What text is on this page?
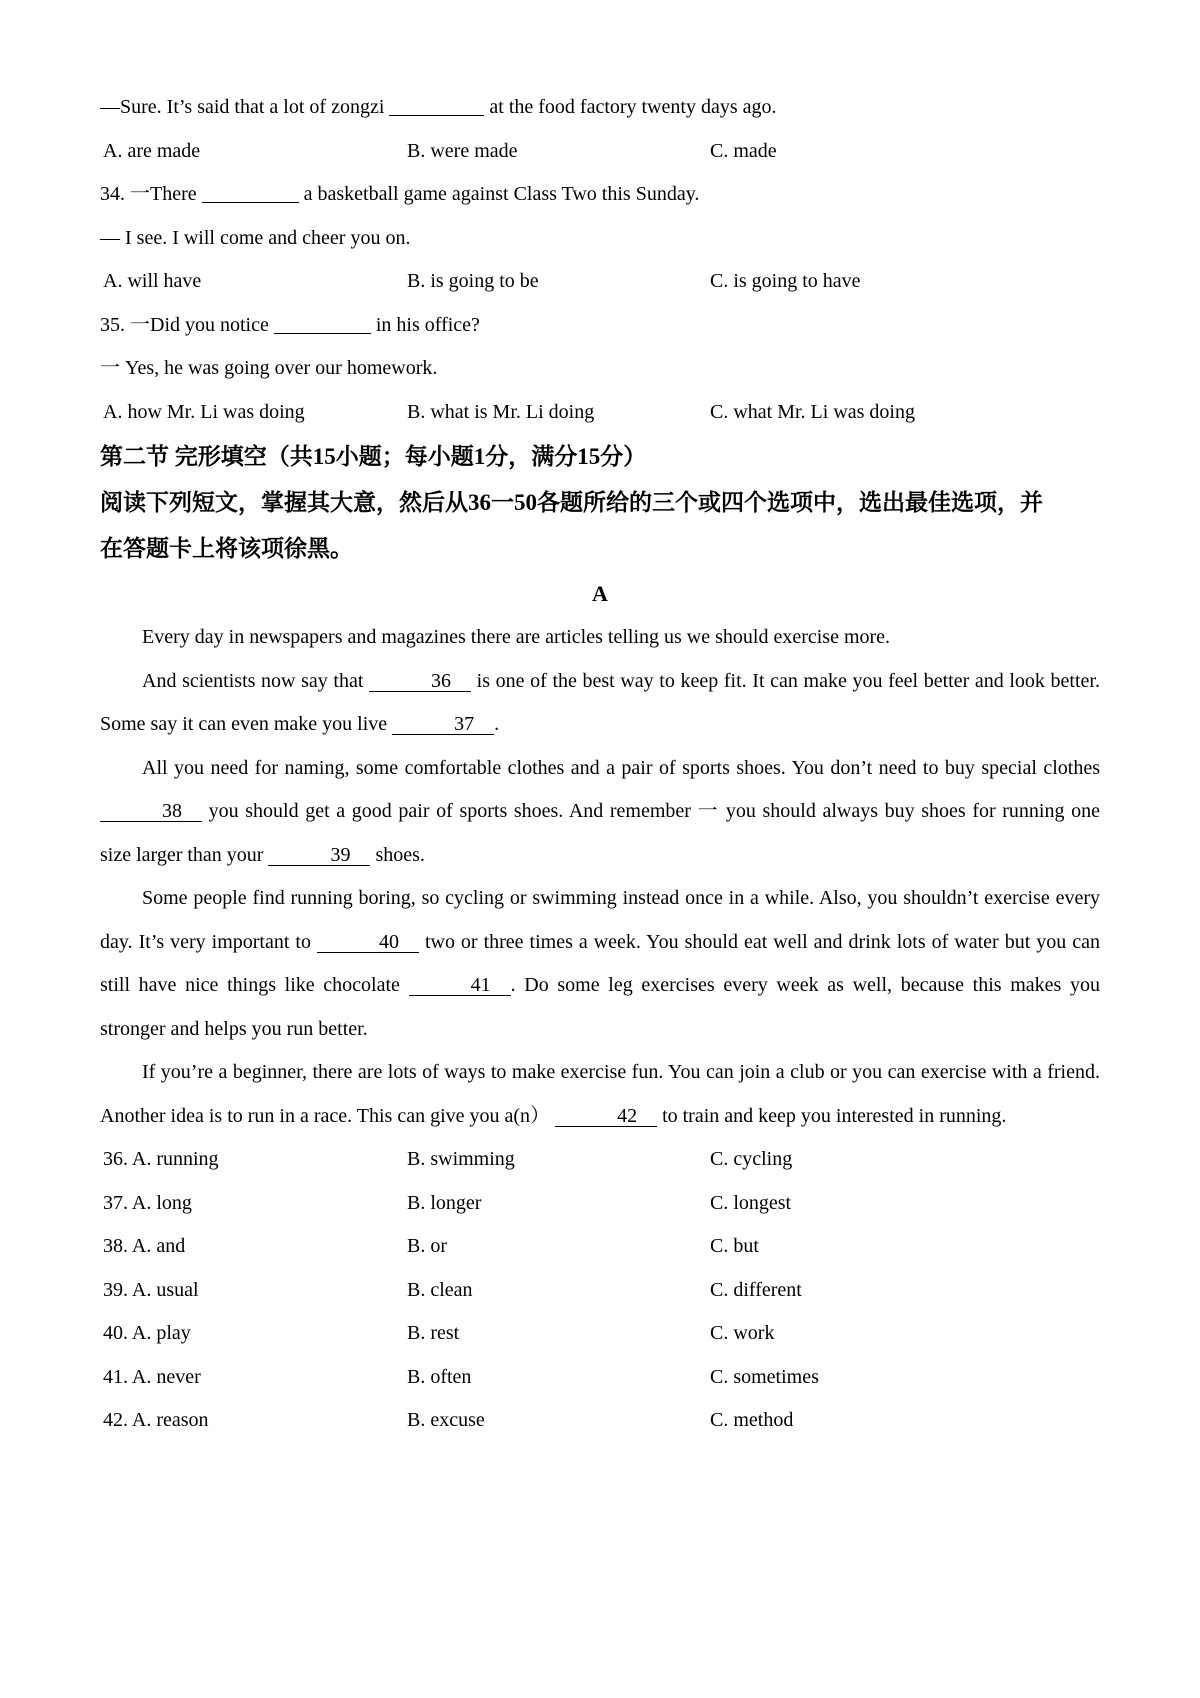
—Sure. It’s said that a lot of zongzi	at the food factory twenty days ago.
A. are made	B. were made	C. made
34. 一There	a basketball game against Class Two this Sunday.
— I see. I will come and cheer you on.
A. will have	B. is going to be	C. is going to have
35. 一Did you notice	in his office?
一 Yes, he was going over our homework.
A. how Mr. Li was doing	B. what is Mr. Li doing	C. what Mr. Li was doing
第二节 完形填空（共15小题；每小题1分，满分15分）
阅读下列短文，掌握其大意，然后从36一50各题所给的三个或四个选项中，选出最佳选项，并
在答题卡上将该项徐黑。
A
Every day in newspapers and magazines there are articles telling us we should exercise more.
And scientists now say that	36 is one of the best way to keep fit. It can make you feel better and look better. Some say it can even make you live	37 .
All you need for naming, some comfortable clothes and a pair of sports shoes. You don’t need to buy special clothes 38 you should get a good pair of sports shoes. And remember 一 you should always buy shoes for running one size larger than your	39 shoes.
Some people find running boring, so cycling or swimming instead once in a while. Also, you shouldn’t exercise every day. It’s very important to	40 two or three times a week. You should eat well and drink lots of water but you can still have nice things like chocolate	41 . Do some leg exercises every week as well, because this makes you stronger and helps you run better.
If you’re a beginner, there are lots of ways to make exercise fun. You can join a club or you can exercise with a friend. Another idea is to run in a race. This can give you a(n）	42 to train and keep you interested in running.
36. A. running	B. swimming	C. cycling
37. A. long	B. longer	C. longest
38. A. and	B. or	C. but
39. A. usual	B. clean	C. different
40. A. play	B. rest	C. work
41. A. never	B. often	C. sometimes
42. A. reason	B. excuse	C. method
